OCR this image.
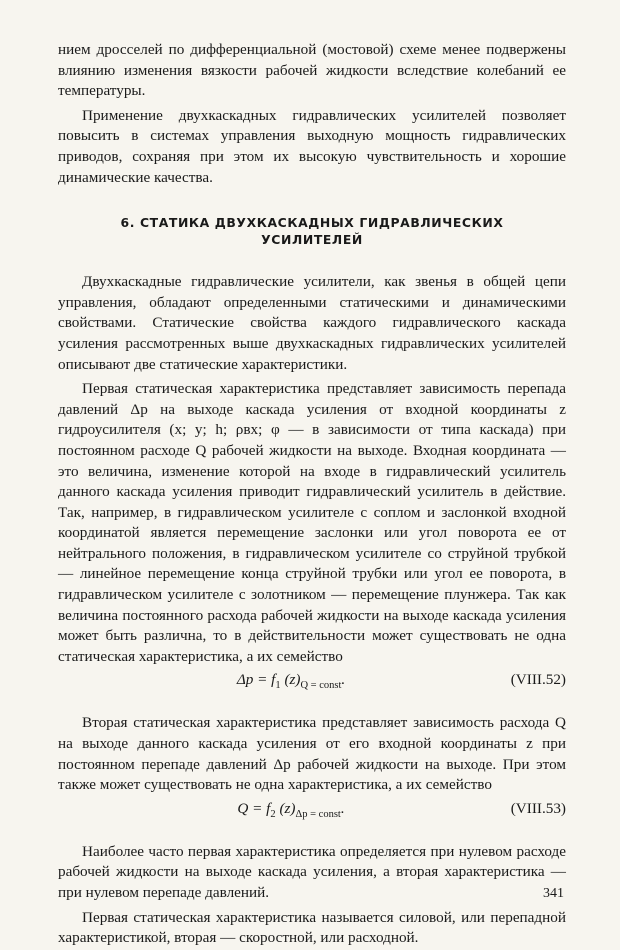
нием дросселей по дифференциальной (мостовой) схеме менее подвержены влиянию изменения вязкости рабочей жидкости вследствие колебаний ее температуры.

Применение двухкаскадных гидравлических усилителей позволяет повысить в системах управления выходную мощность гидравлических приводов, сохраняя при этом их высокую чувствительность и хорошие динамические качества.

6. СТАТИКА ДВУХКАСКАДНЫХ ГИДРАВЛИЧЕСКИХ
УСИЛИТЕЛЕЙ

Двухкаскадные гидравлические усилители, как звенья в общей цепи управления, обладают определенными статическими и динамическими свойствами. Статические свойства каждого гидравлического каскада усиления рассмотренных выше двухкаскадных гидравлических усилителей описывают две статические характеристики.

Первая статическая характеристика представляет зависимость перепада давлений Δp на выходе каскада усиления от входной координаты z гидроусилителя (x; y; h; ρвх; φ — в зависимости от типа каскада) при постоянном расходе Q рабочей жидкости на выходе. Входная координата — это величина, изменение которой на входе в гидравлический усилитель данного каскада усиления приводит гидравлический усилитель в действие. Так, например, в гидравлическом усилителе с соплом и заслонкой входной координатой является перемещение заслонки или угол поворота ее от нейтрального положения, в гидравлическом усилителе со струйной трубкой — линейное перемещение конца струйной трубки или угол ее поворота, в гидравлическом усилителе с золотником — перемещение плунжера. Так как величина постоянного расхода рабочей жидкости на выходе каскада усиления может быть различна, то в действительности может существовать не одна статическая характеристика, а их семейство

$\Delta p = f_1$ $(z)_{Q = const}$.	(VIII.52)

Вторая статическая характеристика представляет зависимость расхода Q на выходе данного каскада усиления от его входной координаты z при постоянном перепаде давлений Δp рабочей жидкости на выходе. При этом также может существовать не одна характеристика, а их семейство

$Q = f_2$ $(z)_{\Delta p = const}$.	(VIII.53)

Наиболее часто первая характеристика определяется при нулевом расходе рабочей жидкости на выходе каскада усиления, а вторая характеристика — при нулевом перепаде давлений.

Первая статическая характеристика называется силовой, или перепадной характеристикой, вторая — скоростной, или расходной.

341
